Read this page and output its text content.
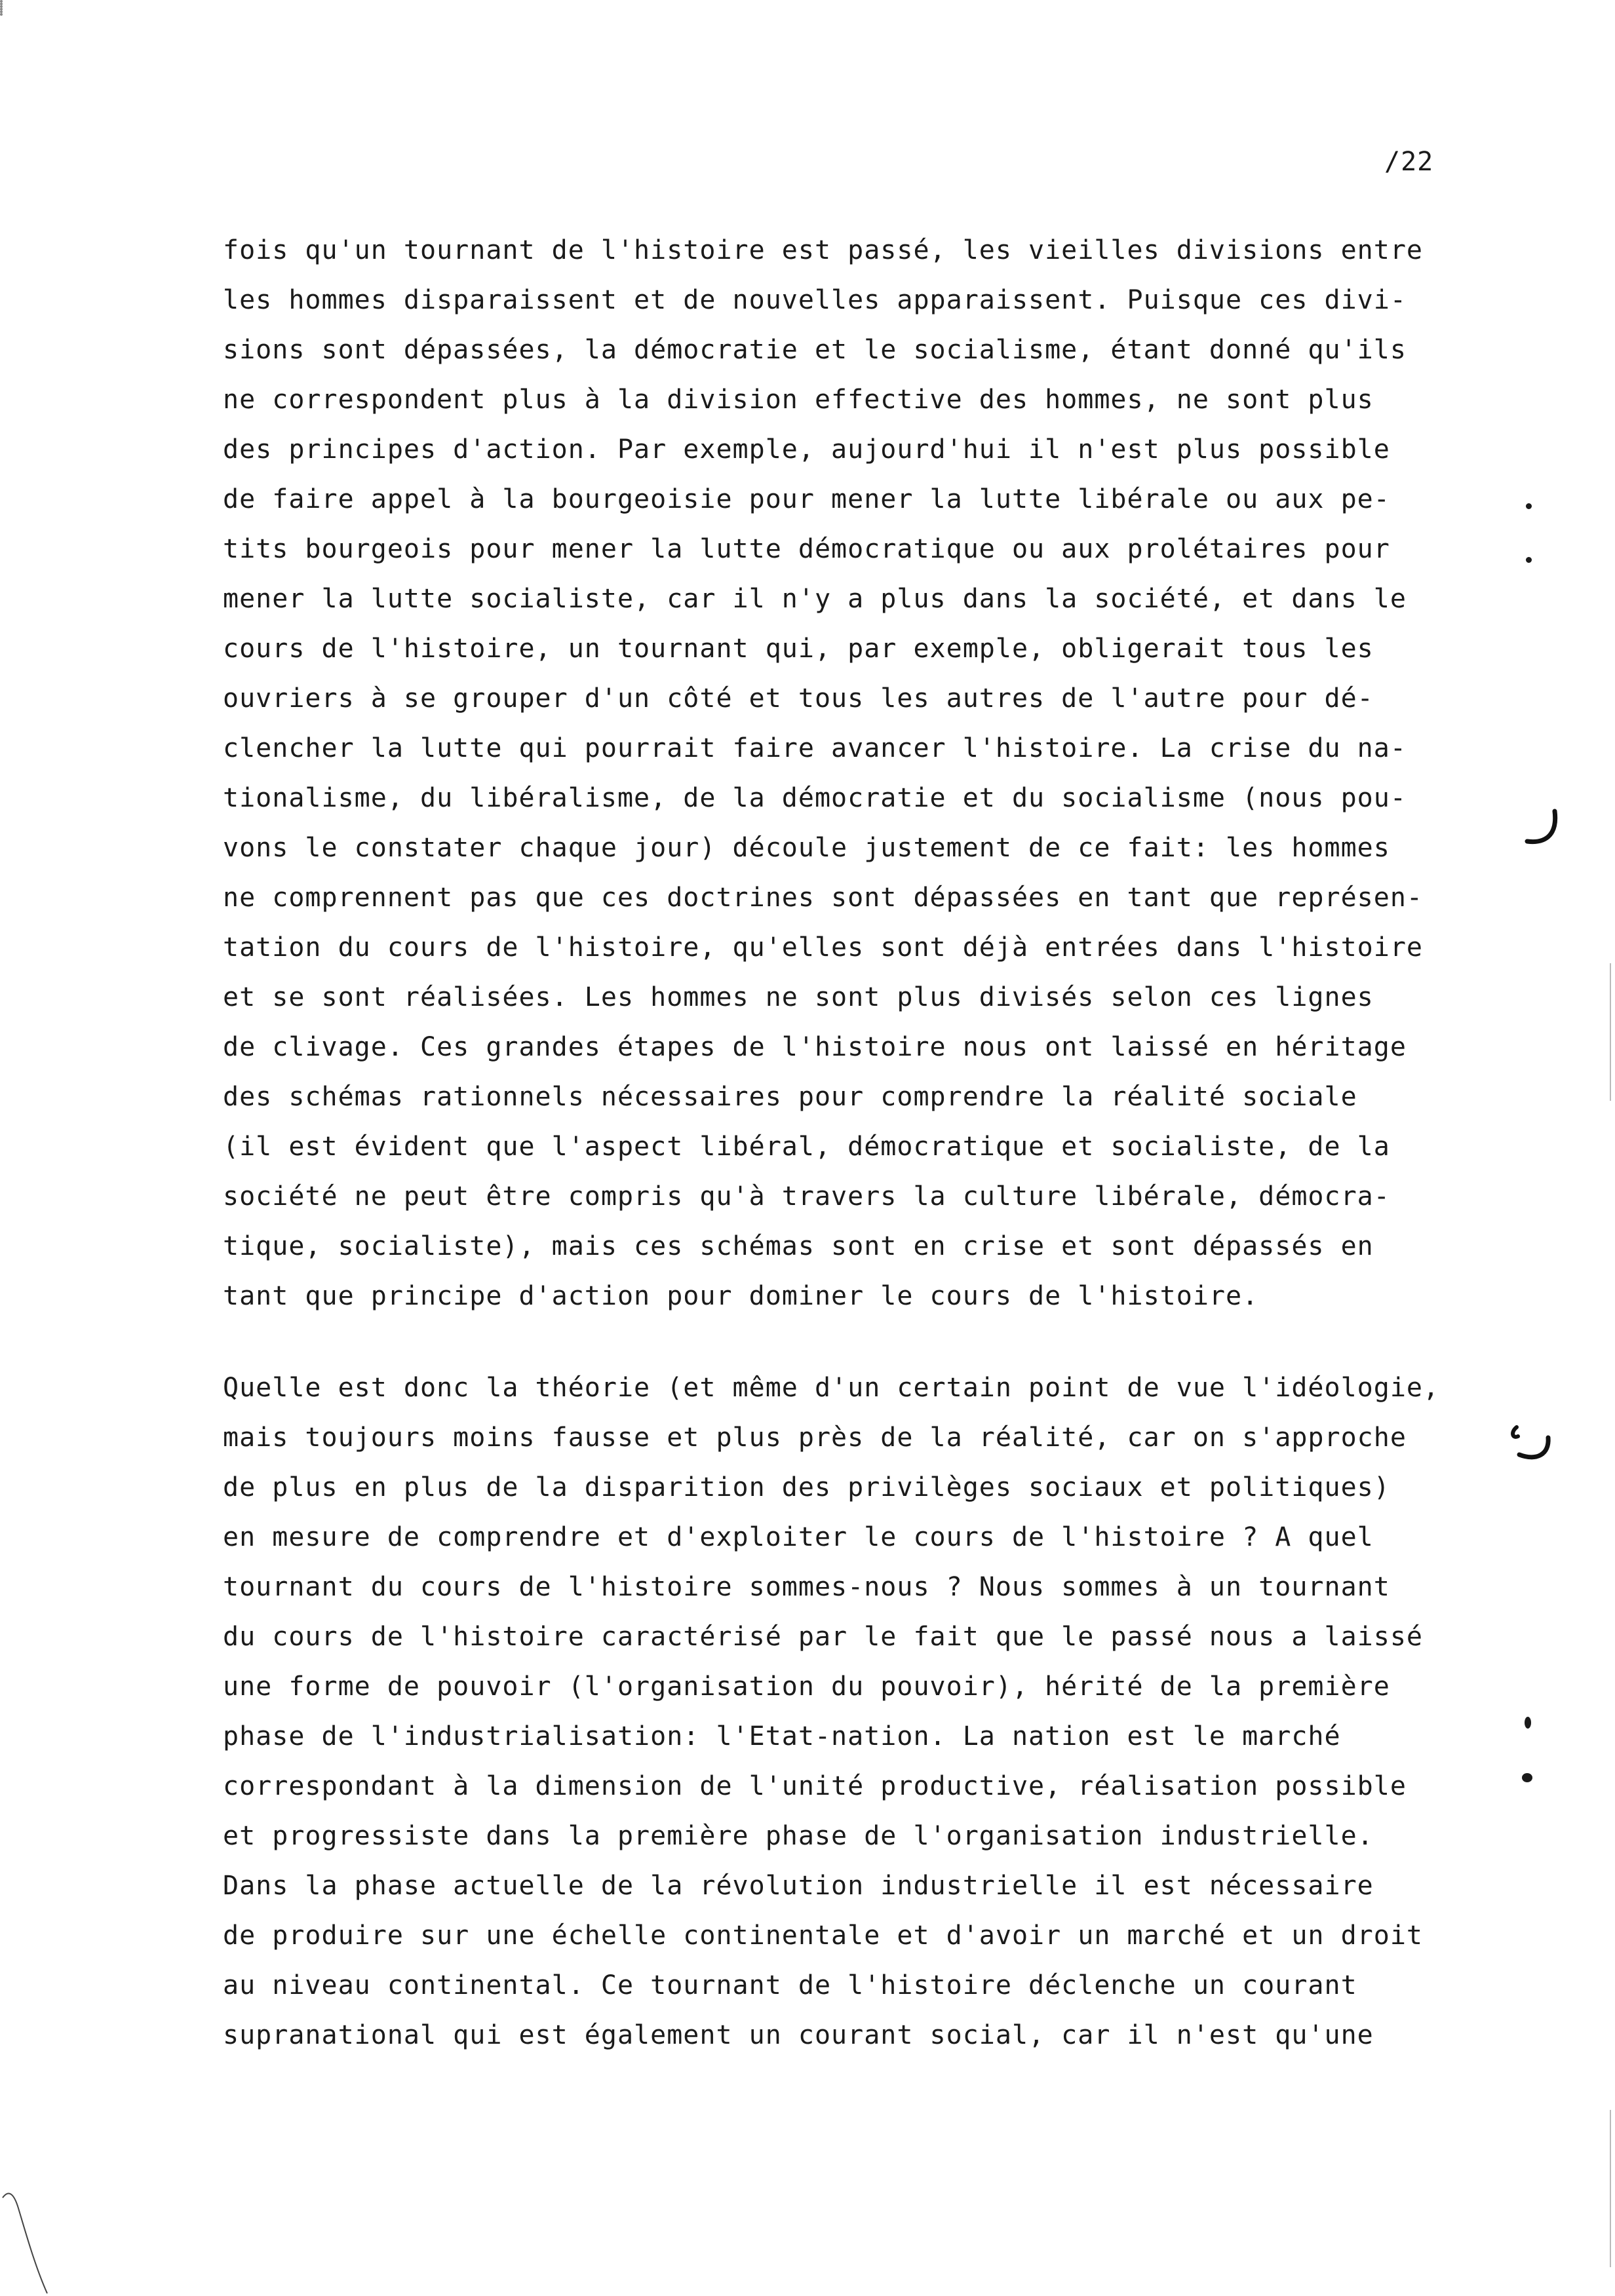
/22
fois qu'un tournant de l'histoire est passé, les vieilles divisions entre
les hommes disparaissent et de nouvelles apparaissent. Puisque ces divi-
sions sont dépassées, la démocratie et le socialisme, étant donné qu'ils
ne correspondent plus à la division effective des hommes, ne sont plus
des principes d'action. Par exemple, aujourd'hui il n'est plus possible
de faire appel à la bourgeoisie pour mener la lutte libérale ou aux pe-
tits bourgeois pour mener la lutte démocratique ou aux prolétaires pour
mener la lutte socialiste, car il n'y a plus dans la société, et dans le
cours de l'histoire, un tournant qui, par exemple, obligerait tous les
ouvriers à se grouper d'un côté et tous les autres de l'autre pour dé-
clencher la lutte qui pourrait faire avancer l'histoire. La crise du na-
tionalisme, du libéralisme, de la démocratie et du socialisme (nous pou-
vons le constater chaque jour) découle justement de ce fait: les hommes
ne comprennent pas que ces doctrines sont dépassées en tant que représen-
tation du cours de l'histoire, qu'elles sont déjà entrées dans l'histoire
et se sont réalisées. Les hommes ne sont plus divisés selon ces lignes
de clivage. Ces grandes étapes de l'histoire nous ont laissé en héritage
des schémas rationnels nécessaires pour comprendre la réalité sociale
(il est évident que l'aspect libéral, démocratique et socialiste, de la
société ne peut être compris qu'à travers la culture libérale, démocra-
tique, socialiste), mais ces schémas sont en crise et sont dépassés en
tant que principe d'action pour dominer le cours de l'histoire.
Quelle est donc la théorie (et même d'un certain point de vue l'idéologie,
mais toujours moins fausse et plus près de la réalité, car on s'approche
de plus en plus de la disparition des privilèges sociaux et politiques)
en mesure de comprendre et d'exploiter le cours de l'histoire ? A quel
tournant du cours de l'histoire sommes-nous ? Nous sommes à un tournant
du cours de l'histoire caractérisé par le fait que le passé nous a laissé
une forme de pouvoir (l'organisation du pouvoir), hérité de la première
phase de l'industrialisation: l'Etat-nation. La nation est le marché
correspondant à la dimension de l'unité productive, réalisation possible
et progressiste dans la première phase de l'organisation industrielle.
Dans la phase actuelle de la révolution industrielle il est nécessaire
de produire sur une échelle continentale et d'avoir un marché et un droit
au niveau continental. Ce tournant de l'histoire déclenche un courant
supranational qui est également un courant social, car il n'est qu'une
